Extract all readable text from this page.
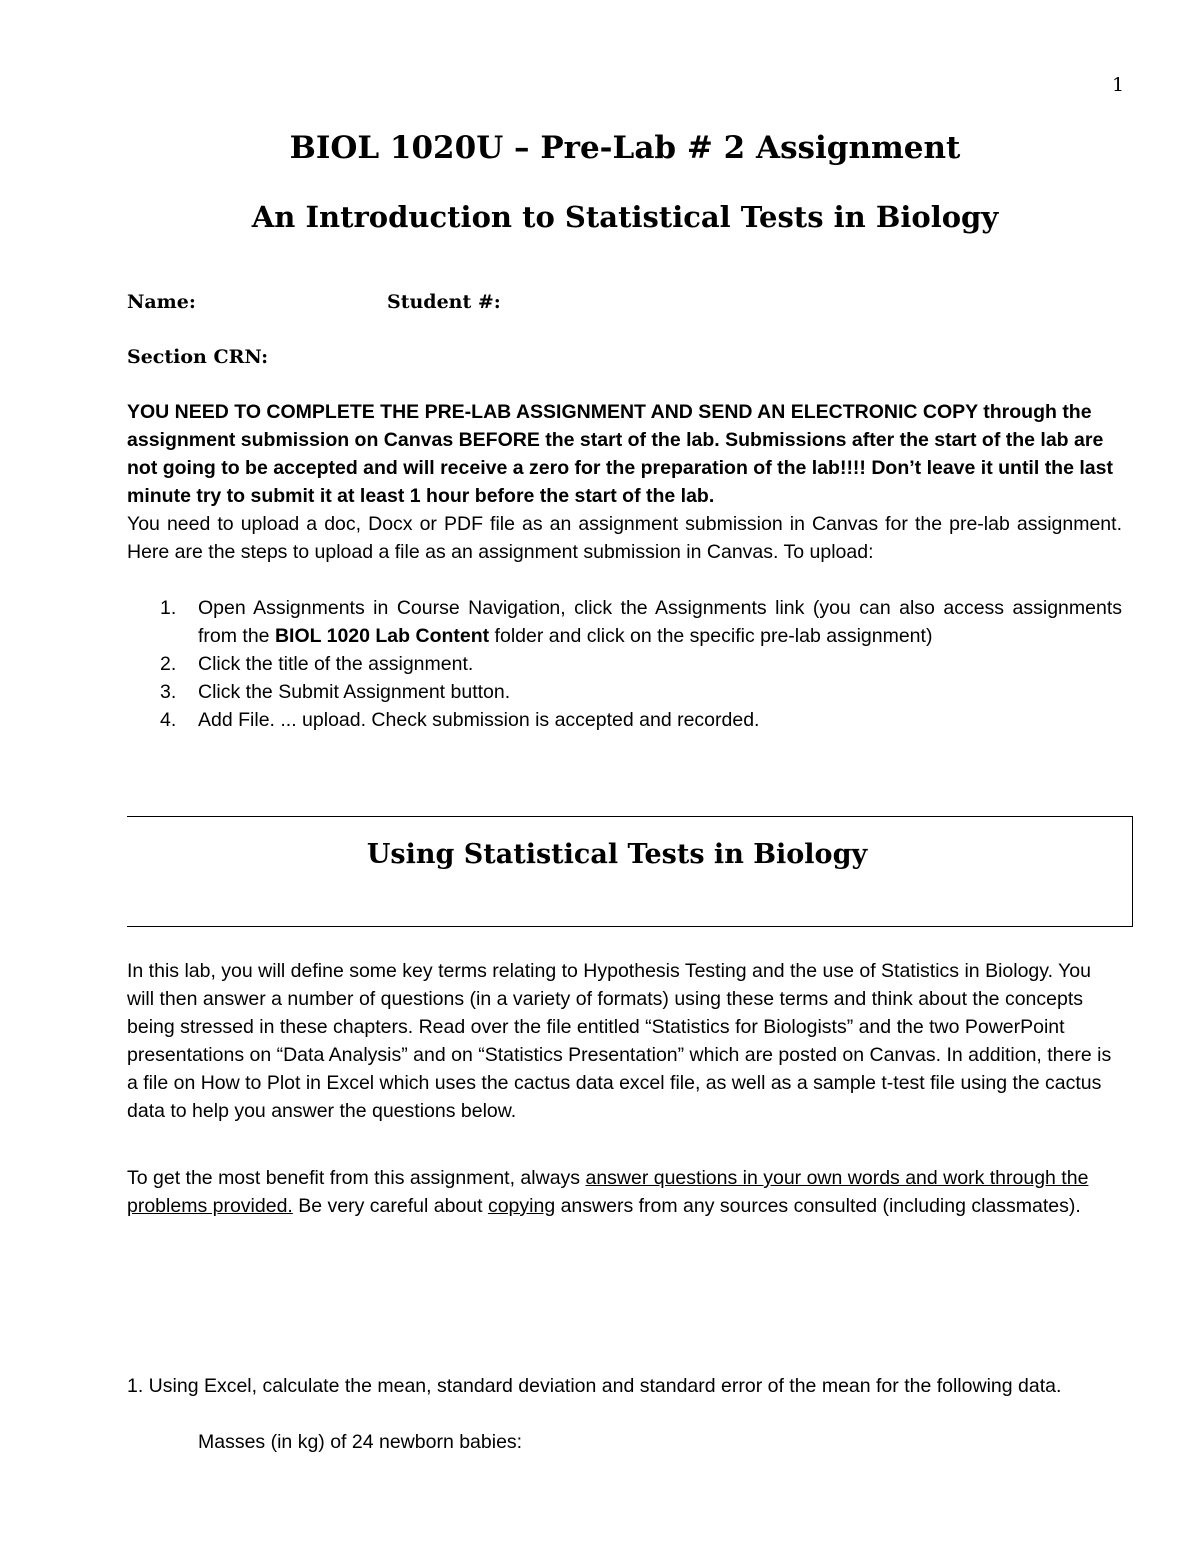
1
BIOL 1020U – Pre-Lab # 2 Assignment
An Introduction to Statistical Tests in Biology
Name:	Student #:
Section CRN:

YOU NEED TO COMPLETE THE PRE-LAB ASSIGNMENT AND SEND AN ELECTRONIC COPY through the assignment submission on Canvas BEFORE the start of the lab. Submissions after the start of the lab are not going to be accepted and will receive a zero for the preparation of the lab!!!! Don’t leave it until the last minute try to submit it at least 1 hour before the start of the lab.

You need to upload a doc, Docx or PDF file as an assignment submission in Canvas for the pre-lab assignment. Here are the steps to upload a file as an assignment submission in Canvas. To upload:

1. Open Assignments in Course Navigation, click the Assignments link (you can also access assignments from the BIOL 1020 Lab Content folder and click on the specific pre-lab assignment)
2. Click the title of the assignment.
3. Click the Submit Assignment button.
4. Add File. ... upload. Check submission is accepted and recorded.
Using Statistical Tests in Biology

In this lab, you will define some key terms relating to Hypothesis Testing and the use of Statistics in Biology. You will then answer a number of questions (in a variety of formats) using these terms and think about the concepts being stressed in these chapters. Read over the file entitled “Statistics for Biologists” and the two PowerPoint presentations on “Data Analysis” and on “Statistics Presentation” which are posted on Canvas. In addition, there is a file on How to Plot in Excel which uses the cactus data excel file, as well as a sample t-test file using the cactus data to help you answer the questions below.

To get the most benefit from this assignment, always answer questions in your own words and work through the problems provided. Be very careful about copying answers from any sources consulted (including classmates).

1. Using Excel, calculate the mean, standard deviation and standard error of the mean for the following data.

Masses (in kg) of 24 newborn babies:
